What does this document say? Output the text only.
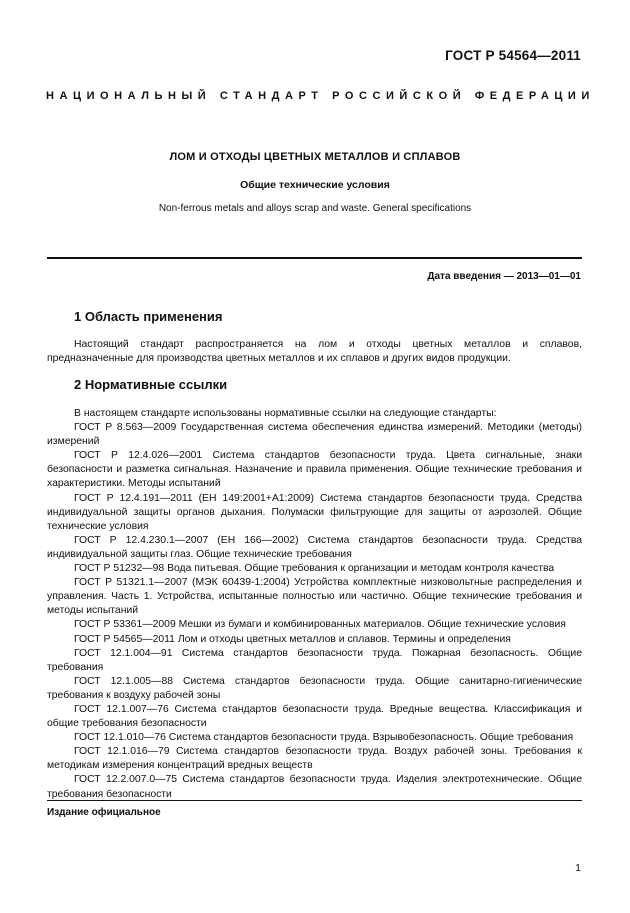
ГОСТ Р 54564—2011
НАЦИОНАЛЬНЫЙ СТАНДАРТ РОССИЙСКОЙ ФЕДЕРАЦИИ
ЛОМ И ОТХОДЫ ЦВЕТНЫХ МЕТАЛЛОВ И СПЛАВОВ
Общие технические условия
Non-ferrous metals and alloys scrap and waste. General specifications
Дата введения — 2013—01—01
1 Область применения

Настоящий стандарт распространяется на лом и отходы цветных металлов и сплавов, предназначенные для производства цветных металлов и их сплавов и других видов продукции.

2 Нормативные ссылки

В настоящем стандарте использованы нормативные ссылки на следующие стандарты:

ГОСТ Р 8.563—2009 Государственная система обеспечения единства измерений. Методики (методы) измерений

ГОСТ Р 12.4.026—2001 Система стандартов безопасности труда. Цвета сигнальные, знаки безопасности и разметка сигнальная. Назначение и правила применения. Общие технические требования и характеристики. Методы испытаний

ГОСТ Р 12.4.191—2011 (ЕН 149:2001+А1:2009) Система стандартов безопасности труда. Средства индивидуальной защиты органов дыхания. Полумаски фильтрующие для защиты от аэрозолей. Общие технические условия

ГОСТ Р 12.4.230.1—2007 (ЕН 166—2002) Система стандартов безопасности труда. Средства индивидуальной защиты глаз. Общие технические требования

ГОСТ Р 51232—98 Вода питьевая. Общие требования к организации и методам контроля качества

ГОСТ Р 51321.1—2007 (МЭК 60439-1:2004) Устройства комплектные низковольтные распределения и управления. Часть 1. Устройства, испытанные полностью или частично. Общие технические требования и методы испытаний

ГОСТ Р 53361—2009 Мешки из бумаги и комбинированных материалов. Общие технические условия

ГОСТ Р 54565—2011 Лом и отходы цветных металлов и сплавов. Термины и определения

ГОСТ 12.1.004—91 Система стандартов безопасности труда. Пожарная безопасность. Общие требования

ГОСТ 12.1.005—88 Система стандартов безопасности труда. Общие санитарно-гигиенические требования к воздуху рабочей зоны

ГОСТ 12.1.007—76 Система стандартов безопасности труда. Вредные вещества. Классификация и общие требования безопасности

ГОСТ 12.1.010—76 Система стандартов безопасности труда. Взрывобезопасность. Общие требования

ГОСТ 12.1.016—79 Система стандартов безопасности труда. Воздух рабочей зоны. Требования к методикам измерения концентраций вредных веществ

ГОСТ 12.2.007.0—75 Система стандартов безопасности труда. Изделия электротехнические. Общие требования безопасности

Издание официальное
1
